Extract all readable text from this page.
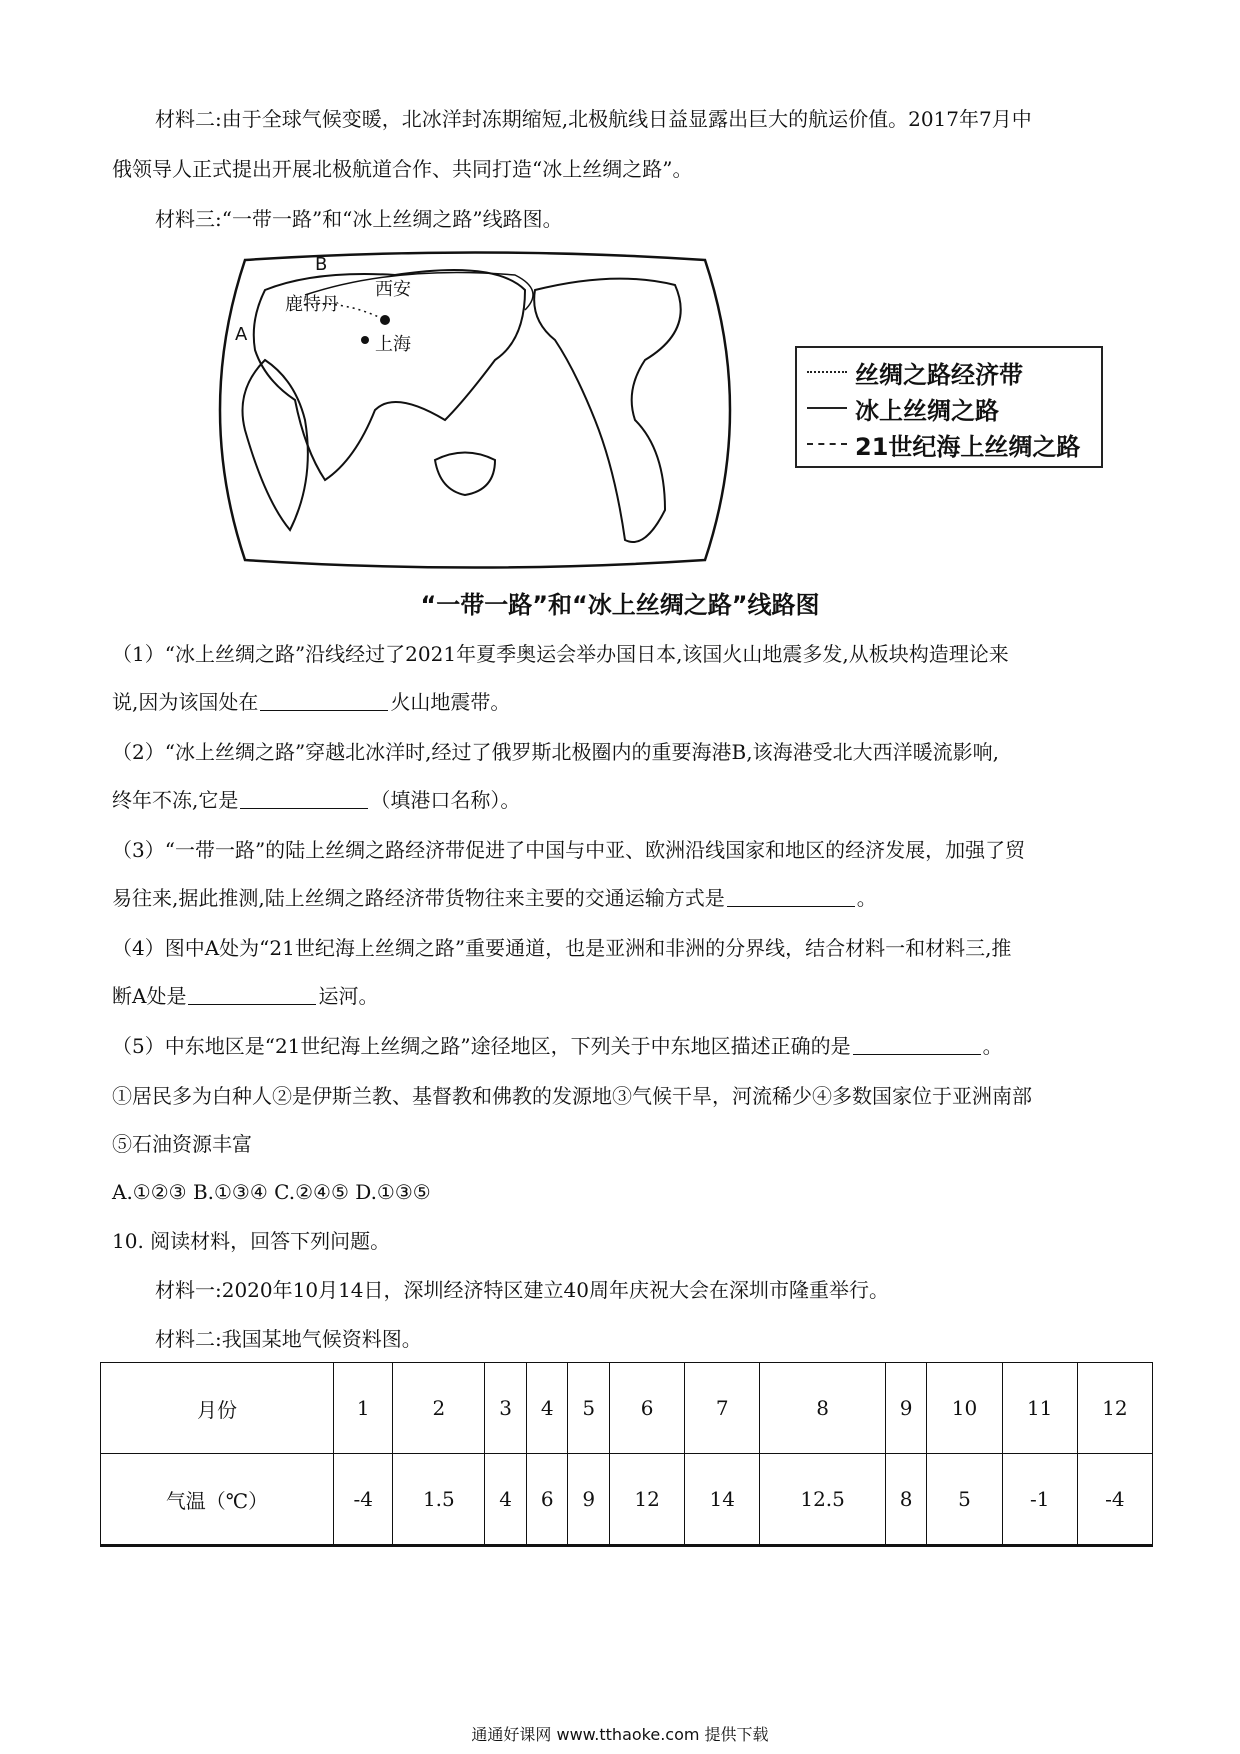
材料二:由于全球气候变暖，北冰洋封冻期缩短,北极航线日益显露出巨大的航运价值。2017年7月中
俄领导人正式提出开展北极航道合作、共同打造“冰上丝绸之路”。
材料三:“一带一路”和“冰上丝绸之路”线路图。
鹿特丹
西安
上海
A
B
丝绸之路经济带
冰上丝绸之路
21世纪海上丝绸之路
“一带一路”和“冰上丝绸之路”线路图
（1）“冰上丝绸之路”沿线经过了2021年夏季奥运会举办国日本,该国火山地震多发,从板块构造理论来
说,因为该国处在	火山地震带。
（2）“冰上丝绸之路”穿越北冰洋时,经过了俄罗斯北极圈内的重要海港B,该海港受北大西洋暖流影响,
终年不冻,它是	（填港口名称）。
（3）“一带一路”的陆上丝绸之路经济带促进了中国与中亚、欧洲沿线国家和地区的经济发展，加强了贸
易往来,据此推测,陆上丝绸之路经济带货物往来主要的交通运输方式是	。
（4）图中A处为“21世纪海上丝绸之路”重要通道，也是亚洲和非洲的分界线，结合材料一和材料三,推
断A处是	运河。
（5）中东地区是“21世纪海上丝绸之路”途径地区，下列关于中东地区描述正确的是	。
①居民多为白种人②是伊斯兰教、基督教和佛教的发源地③气候干旱，河流稀少④多数国家位于亚洲南部
⑤石油资源丰富
A.①②③ B.①③④ C.②④⑤ D.①③⑤
10. 阅读材料，回答下列问题。
材料一:2020年10月14日，深圳经济特区建立40周年庆祝大会在深圳市隆重举行。
材料二:我国某地气候资料图。
月份	1	2	3	4	5	6	7	8	9	10	11	12
气温（℃）	-4	1.5	4	6	9	12	14	12.5	8	5	-1	-4
通通好课网 www.tthaoke.com 提供下载
